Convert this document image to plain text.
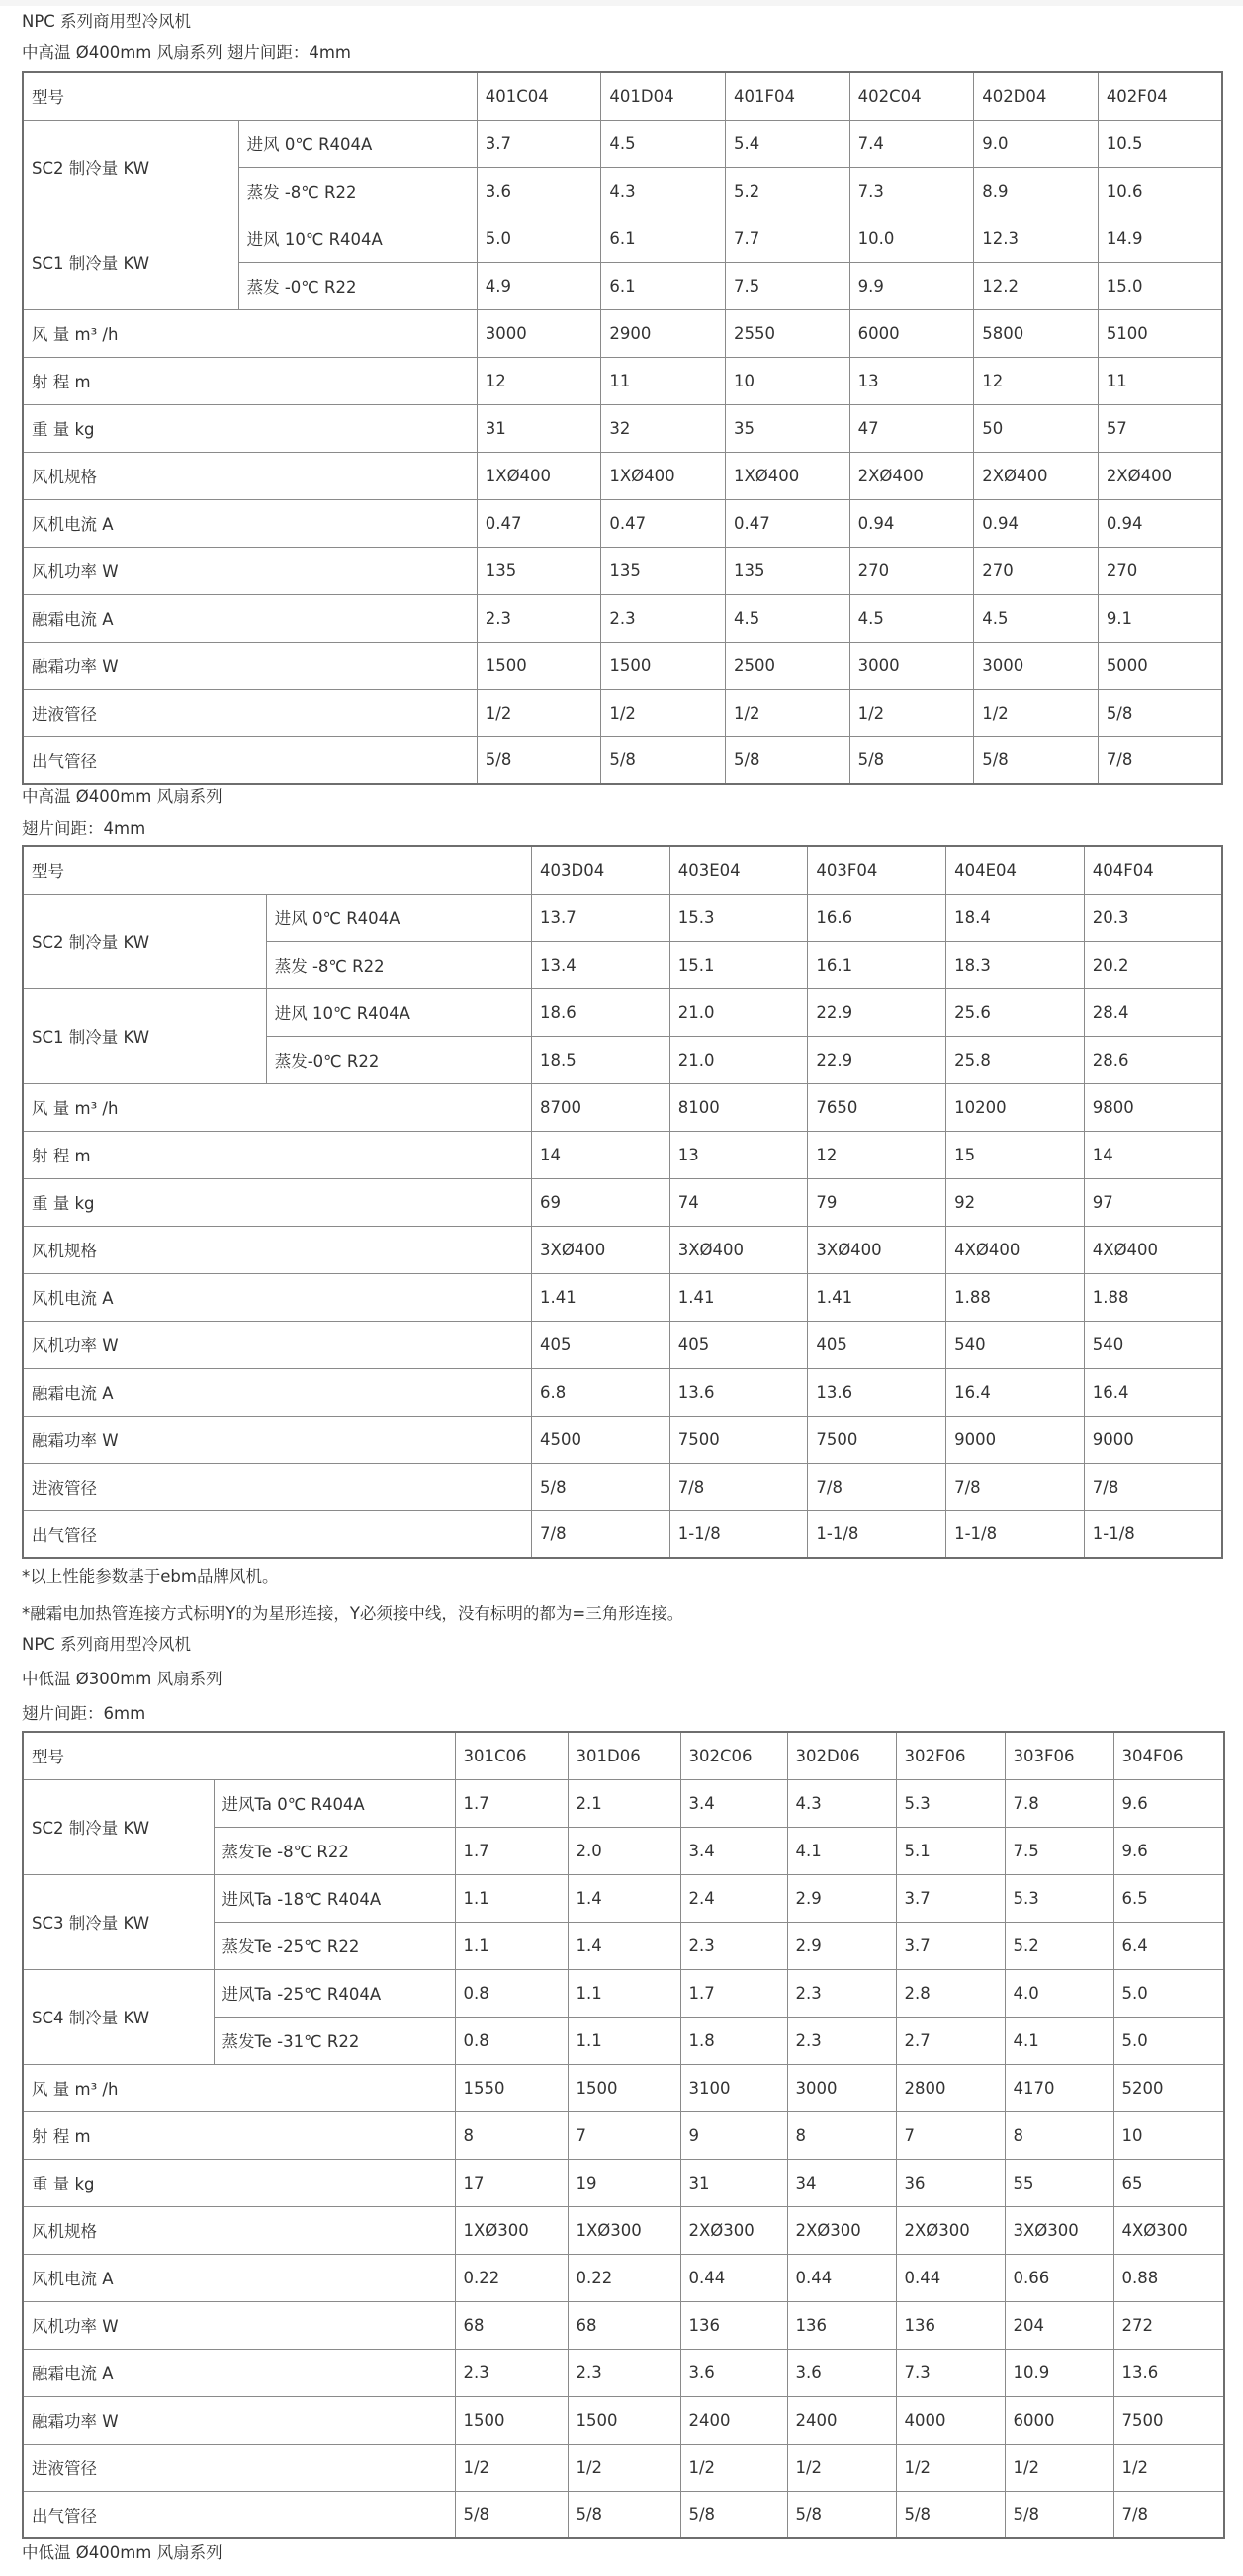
NPC 系列商用型冷风机

中高温 Ø400mm 风扇系列 翅片间距：4mm

型号		401C04	401D04	401F04	402C04	402D04	402F04
SC2 制冷量 KW	进风 0℃ R404A	3.7	4.5	5.4	7.4	9.0	10.5
	蒸发 -8℃ R22	3.6	4.3	5.2	7.3	8.9	10.6
SC1 制冷量 KW	进风 10℃ R404A	5.0	6.1	7.7	10.0	12.3	14.9
	蒸发 -0℃ R22	4.9	6.1	7.5	9.9	12.2	15.0
风 量 m³ /h		3000	2900	2550	6000	5800	5100
射 程 m		12	11	10	13	12	11
重 量 kg		31	32	35	47	50	57
风机规格		1XØ400	1XØ400	1XØ400	2XØ400	2XØ400	2XØ400
风机电流 A		0.47	0.47	0.47	0.94	0.94	0.94
风机功率 W		135	135	135	270	270	270
融霜电流 A		2.3	2.3	4.5	4.5	4.5	9.1
融霜功率 W		1500	1500	2500	3000	3000	5000
进液管径		1/2	1/2	1/2	1/2	1/2	5/8
出气管径		5/8	5/8	5/8	5/8	5/8	7/8

中高温 Ø400mm 风扇系列

翅片间距：4mm

型号		403D04	403E04	403F04	404E04	404F04
SC2 制冷量 KW	进风 0℃ R404A	13.7	15.3	16.6	18.4	20.3
	蒸发 -8℃ R22	13.4	15.1	16.1	18.3	20.2
SC1 制冷量 KW	进风 10℃ R404A	18.6	21.0	22.9	25.6	28.4
	蒸发-0℃ R22	18.5	21.0	22.9	25.8	28.6
风 量 m³ /h		8700	8100	7650	10200	9800
射 程 m		14	13	12	15	14
重 量 kg		69	74	79	92	97
风机规格		3XØ400	3XØ400	3XØ400	4XØ400	4XØ400
风机电流 A		1.41	1.41	1.41	1.88	1.88
风机功率 W		405	405	405	540	540
融霜电流 A		6.8	13.6	13.6	16.4	16.4
融霜功率 W		4500	7500	7500	9000	9000
进液管径		5/8	7/8	7/8	7/8	7/8
出气管径		7/8	1-1/8	1-1/8	1-1/8	1-1/8

*以上性能参数基于ebm品牌风机。

*融霜电加热管连接方式标明Y的为星形连接，Y必须接中线，没有标明的都为=三角形连接。

NPC 系列商用型冷风机

中低温 Ø300mm 风扇系列

翅片间距：6mm

型号		301C06	301D06	302C06	302D06	302F06	303F06	304F06
SC2 制冷量 KW	进风Ta 0℃ R404A	1.7	2.1	3.4	4.3	5.3	7.8	9.6
	蒸发Te -8℃ R22	1.7	2.0	3.4	4.1	5.1	7.5	9.6
SC3 制冷量 KW	进风Ta -18℃ R404A	1.1	1.4	2.4	2.9	3.7	5.3	6.5
	蒸发Te -25℃ R22	1.1	1.4	2.3	2.9	3.7	5.2	6.4
SC4 制冷量 KW	进风Ta -25℃ R404A	0.8	1.1	1.7	2.3	2.8	4.0	5.0
	蒸发Te -31℃ R22	0.8	1.1	1.8	2.3	2.7	4.1	5.0
风 量 m³ /h		1550	1500	3100	3000	2800	4170	5200
射 程 m		8	7	9	8	7	8	10
重 量 kg		17	19	31	34	36	55	65
风机规格		1XØ300	1XØ300	2XØ300	2XØ300	2XØ300	3XØ300	4XØ300
风机电流 A		0.22	0.22	0.44	0.44	0.44	0.66	0.88
风机功率 W		68	68	136	136	136	204	272
融霜电流 A		2.3	2.3	3.6	3.6	7.3	10.9	13.6
融霜功率 W		1500	1500	2400	2400	4000	6000	7500
进液管径		1/2	1/2	1/2	1/2	1/2	1/2	1/2
出气管径		5/8	5/8	5/8	5/8	5/8	5/8	7/8

中低温 Ø400mm 风扇系列
